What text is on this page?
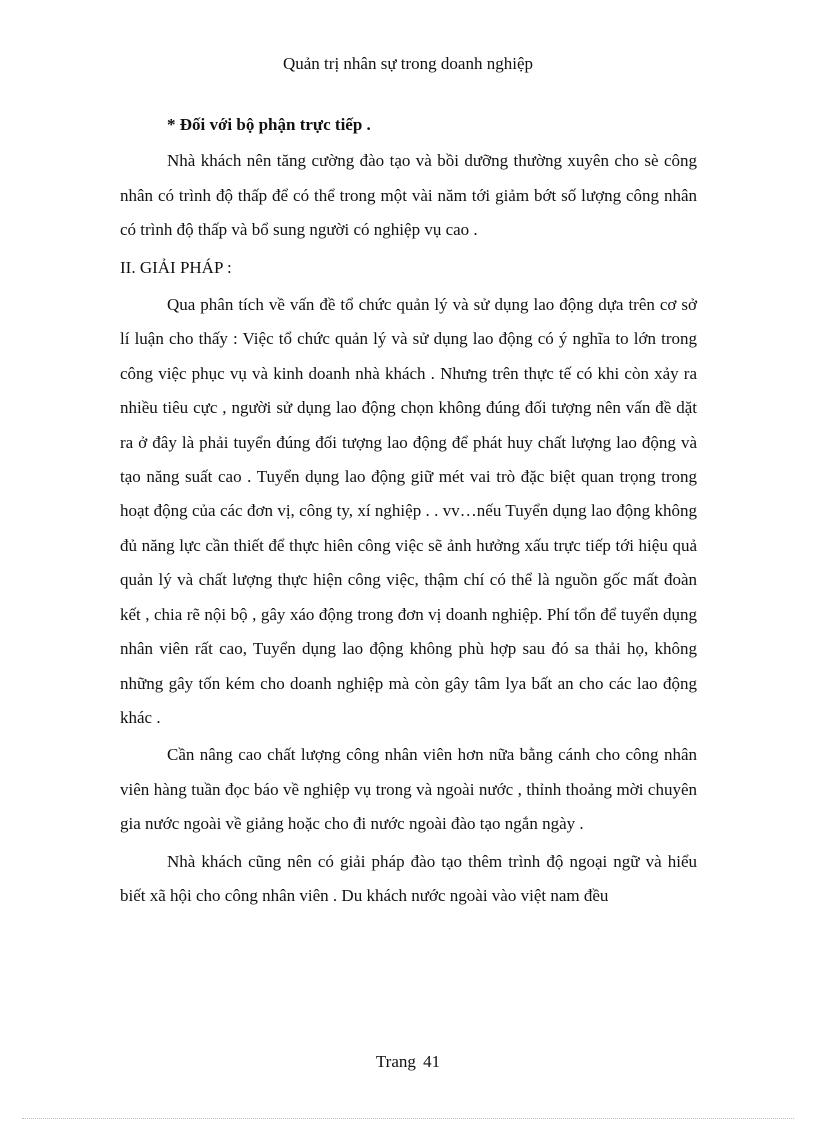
Quản trị nhân sự trong doanh nghiệp

* Đối với bộ phận trực tiếp .

Nhà khách nên tăng cường đào tạo và bồi dưỡng thường xuyên cho sè công nhân có trình độ thấp để có thể trong một vài năm tới giảm bớt số lượng công nhân có trình độ thấp và bổ sung người có nghiệp vụ cao .

II. GIẢI PHÁP :

Qua phân tích về vấn đề tổ chức quản lý và sử dụng lao động dựa trên cơ sở lí luận cho thấy : Việc tổ chức quản lý và sử dụng lao động có ý nghĩa to lớn trong công việc phục vụ và kinh doanh nhà khách . Nhưng trên thực tế có khi còn xảy ra nhiều tiêu cực , người sử dụng lao động chọn không đúng đối tượng nên vấn đề dặt ra ở đây là phải tuyển đúng đối tượng lao động để phát huy chất lượng lao động và tạo năng suất cao . Tuyển dụng lao động giữ mét vai trò đặc biệt quan trọng trong hoạt động của các đơn vị, công ty, xí nghiệp . . vv…nếu Tuyển dụng lao động không đủ năng lực cần thiết để thực hiên công việc sẽ ảnh hưởng xấu trực tiếp tới hiệu quả quản lý và chất lượng thực hiện công việc, thậm chí có thể là nguồn gốc mất đoàn kết , chia rẽ nội bộ , gây xáo động trong đơn vị doanh nghiệp. Phí tổn để tuyển dụng nhân viên rất cao, Tuyển dụng lao động không phù hợp sau đó sa thải họ, không những gây tốn kém cho doanh nghiệp mà còn gây tâm lya bất an cho các lao động khác .

Cần nâng cao chất lượng công nhân viên hơn nữa bằng cánh cho công nhân viên hàng tuần đọc báo về nghiệp vụ trong và ngoài nước , thỉnh thoảng mời chuyên gia nước ngoài về giảng hoặc cho đi nước ngoài đào tạo ngắn ngày .

Nhà khách cũng nên có giải pháp đào tạo thêm trình độ ngoại ngữ và hiểu biết xã hội cho công nhân viên . Du khách nước ngoài vào việt nam đều

Trang 41
